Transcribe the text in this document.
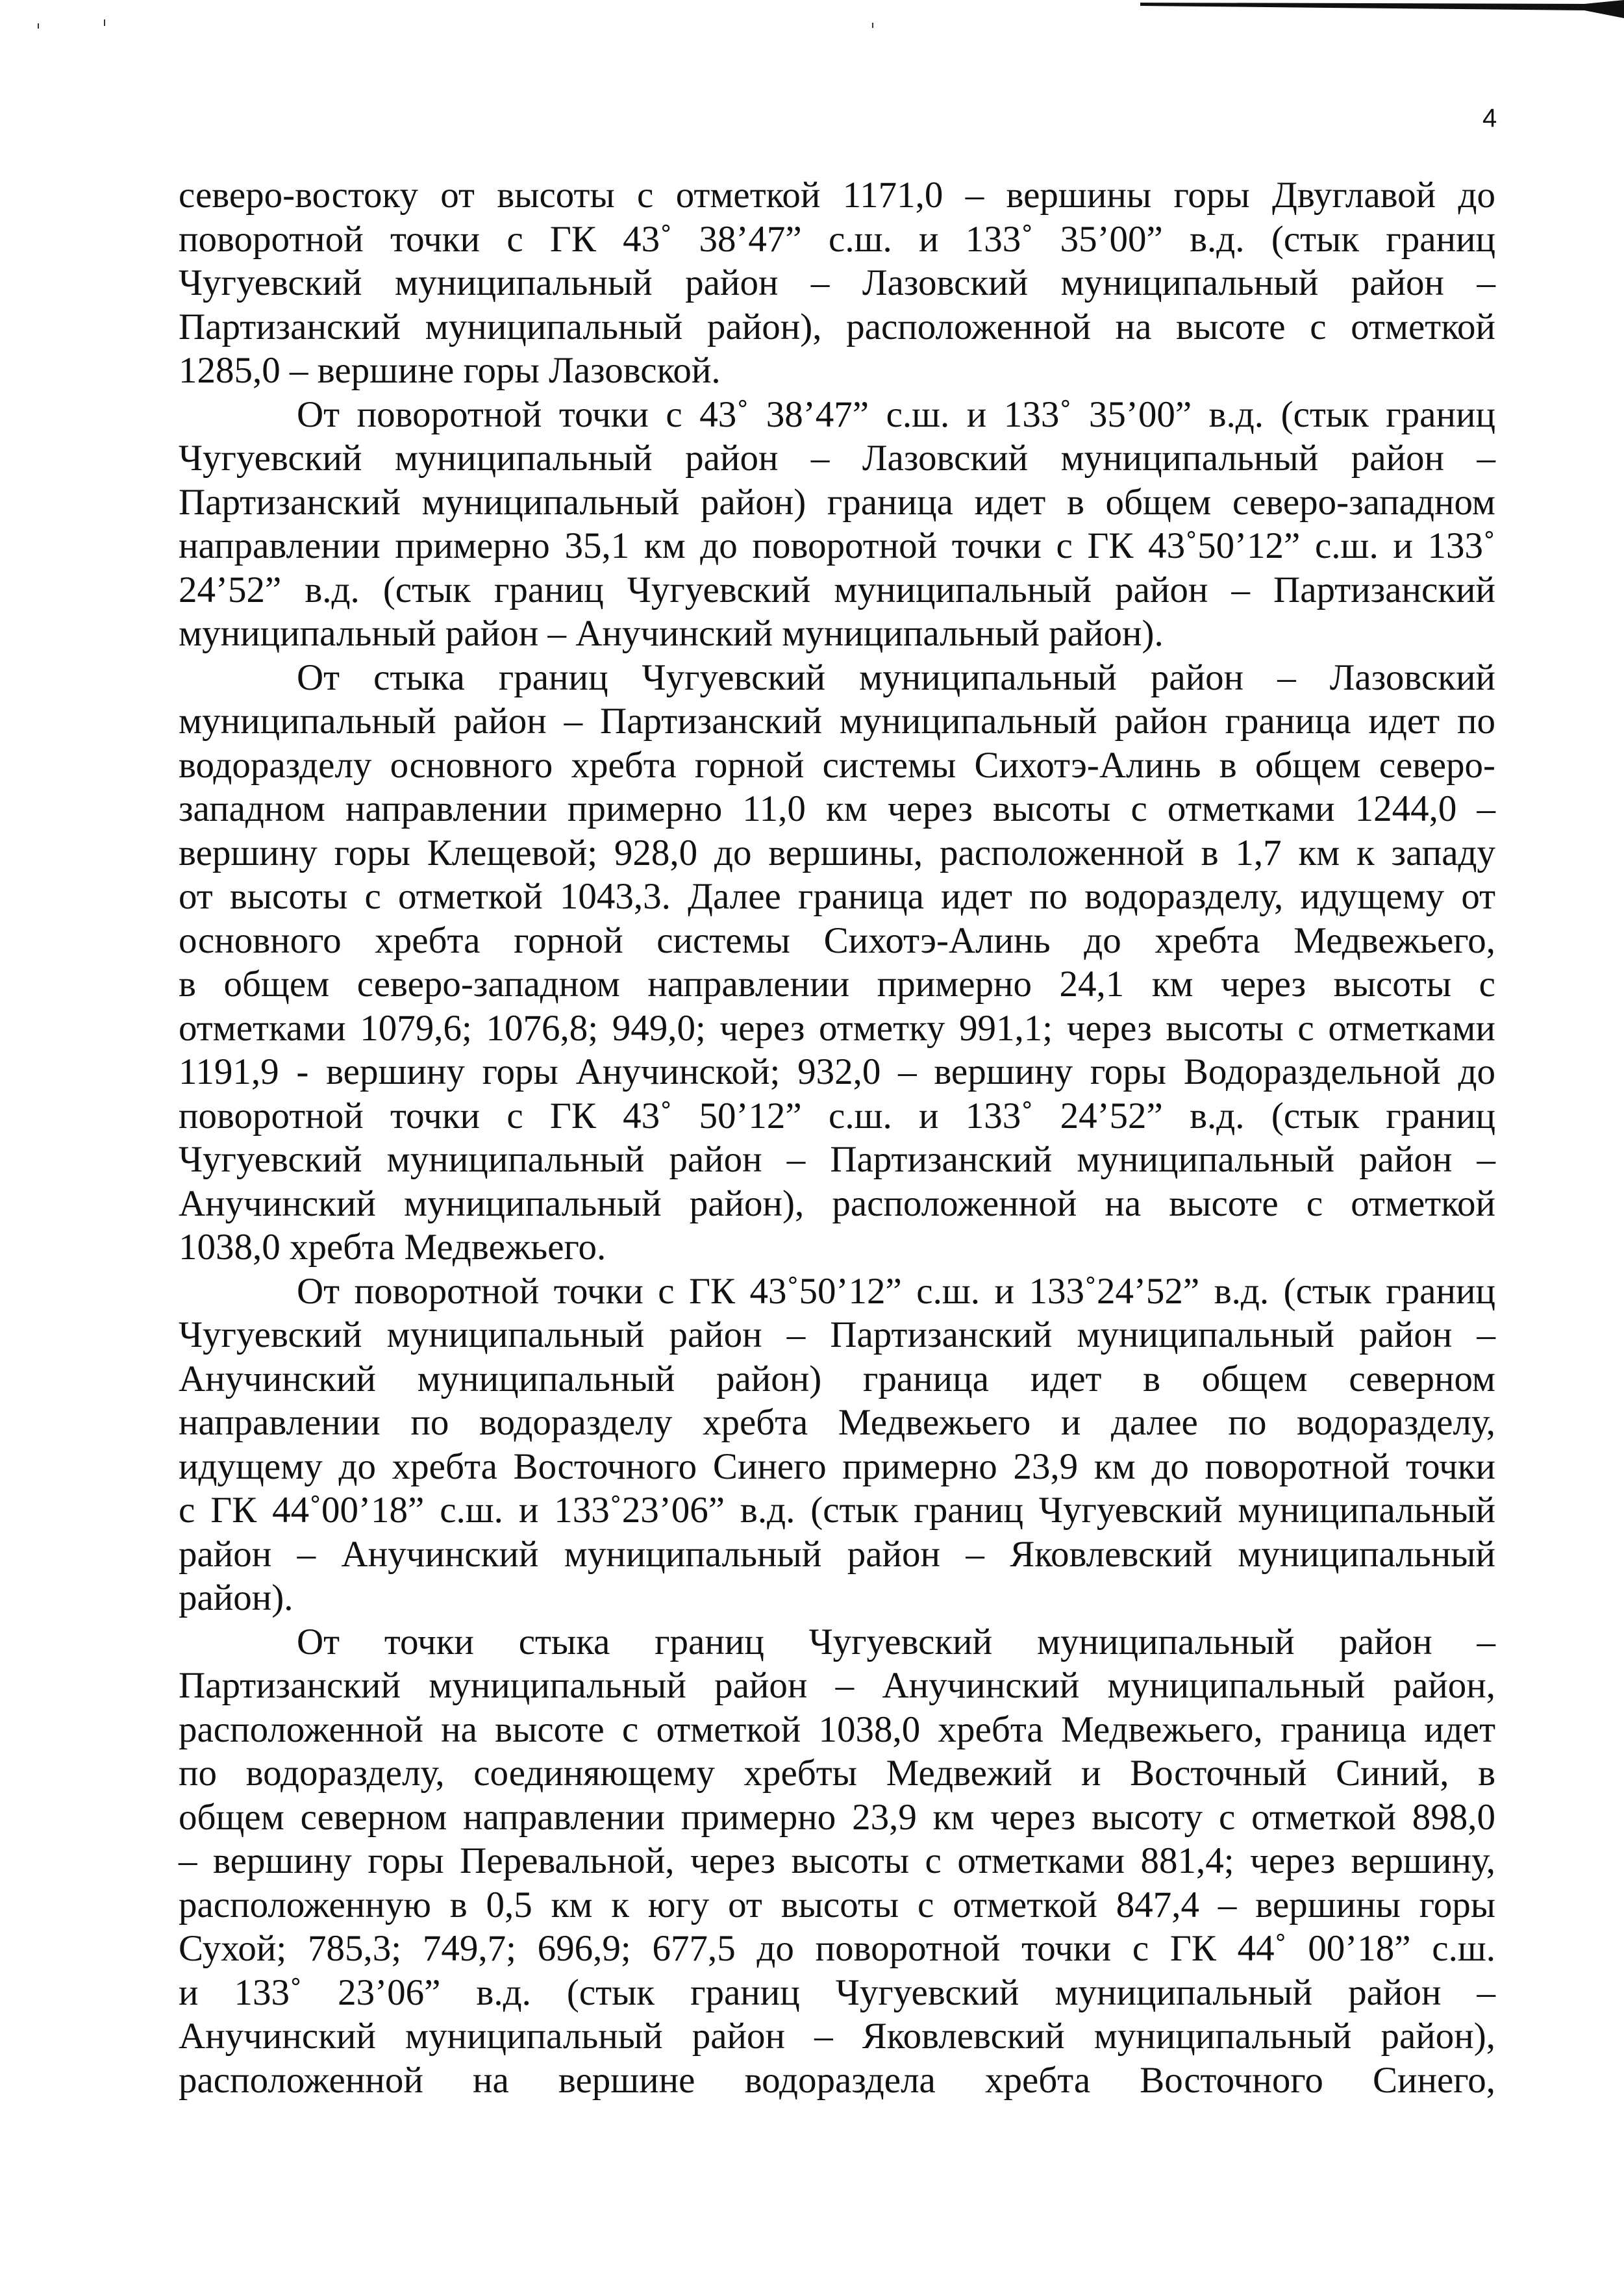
4
северо-востоку от высоты с отметкой 1171,0 – вершины горы Двуглавой до
поворотной точки с ГК 43˚ 38’47” с.ш. и 133˚ 35’00” в.д. (стык границ
Чугуевский муниципальный район – Лазовский муниципальный район –
Партизанский муниципальный район), расположенной на высоте с отметкой
1285,0 – вершине горы Лазовской.
От поворотной точки с 43˚ 38’47” с.ш. и 133˚ 35’00” в.д. (стык границ
Чугуевский муниципальный район – Лазовский муниципальный район –
Партизанский муниципальный район) граница идет в общем северо-западном
направлении примерно 35,1 км до поворотной точки с ГК 43˚50’12” с.ш. и 133˚
24’52” в.д. (стык границ Чугуевский муниципальный район – Партизанский
муниципальный район – Анучинский муниципальный район).
От стыка границ Чугуевский муниципальный район – Лазовский
муниципальный район – Партизанский муниципальный район граница идет по
водоразделу основного хребта горной системы Сихотэ-Алинь в общем северо-
западном направлении примерно 11,0 км через высоты с отметками 1244,0 –
вершину горы Клещевой; 928,0 до вершины, расположенной в 1,7 км к западу
от высоты с отметкой 1043,3. Далее граница идет по водоразделу, идущему от
основного хребта горной системы Сихотэ-Алинь до хребта Медвежьего,
в общем северо-западном направлении примерно 24,1 км через высоты с
отметками 1079,6; 1076,8; 949,0; через отметку 991,1; через высоты с отметками
1191,9 - вершину горы Анучинской; 932,0 – вершину горы Водораздельной до
поворотной точки с ГК 43˚ 50’12” с.ш. и 133˚ 24’52” в.д. (стык границ
Чугуевский муниципальный район – Партизанский муниципальный район –
Анучинский муниципальный район), расположенной на высоте с отметкой
1038,0 хребта Медвежьего.
От поворотной точки с ГК 43˚50’12” с.ш. и 133˚24’52” в.д. (стык границ
Чугуевский муниципальный район – Партизанский муниципальный район –
Анучинский муниципальный район) граница идет в общем северном
направлении по водоразделу хребта Медвежьего и далее по водоразделу,
идущему до хребта Восточного Синего примерно 23,9 км до поворотной точки
с ГК 44˚00’18” с.ш. и 133˚23’06” в.д. (стык границ Чугуевский муниципальный
район – Анучинский муниципальный район – Яковлевский муниципальный
район).
От точки стыка границ Чугуевский муниципальный район –
Партизанский муниципальный район – Анучинский муниципальный район,
расположенной на высоте с отметкой 1038,0 хребта Медвежьего, граница идет
по водоразделу, соединяющему хребты Медвежий и Восточный Синий, в
общем северном направлении примерно 23,9 км через высоту с отметкой 898,0
– вершину горы Перевальной, через высоты с отметками 881,4; через вершину,
расположенную в 0,5 км к югу от высоты с отметкой 847,4 – вершины горы
Сухой; 785,3; 749,7; 696,9; 677,5 до поворотной точки с ГК 44˚ 00’18” с.ш.
и 133˚ 23’06” в.д. (стык границ Чугуевский муниципальный район –
Анучинский муниципальный район – Яковлевский муниципальный район),
расположенной на вершине водораздела хребта Восточного Синего,
